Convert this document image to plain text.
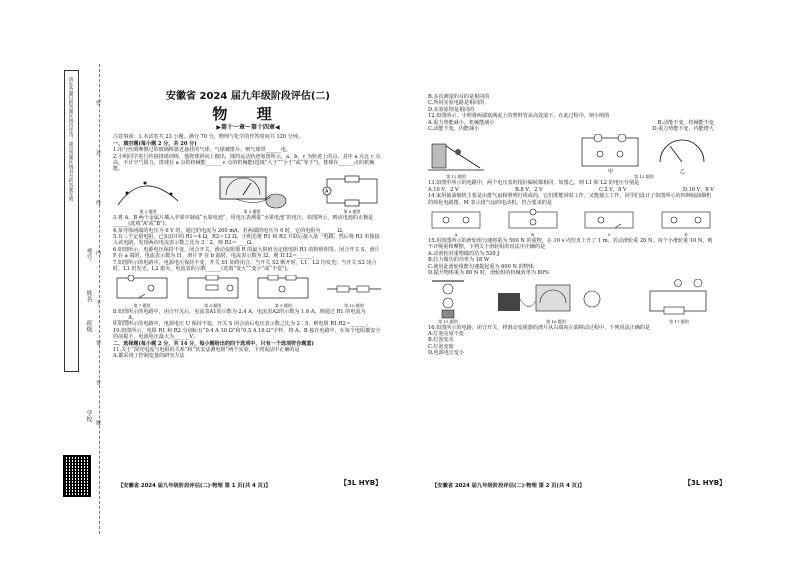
请在各题目的答题区域内作答，超出答题区域书写的答案无效
学校
班级
姓名
考号
密
封
线
内
不
要
答
题
安徽省 2024 届九年级阶段评估(二)
物 理
▶第十一章～第十四章◀

注意事项：1.本试卷共 23 小题，满分 70 分，物理与化学的作答时间共 120 分钟。

一、填空题(每小题 2 分，共 20 分)

1.用与丝绸摩擦过的玻璃棒靠近悬挂的气球，气球被排斥，则气球带______电。

2.小明同学进行传接排球训练，他将球斜向上抛出，球的运动轨迹如图所示，a、b、c 为轨迹上的点，其中 a 点比 c 点高，不计空气阻力，排球在 a 点的机械能______ c 点的机械能(选填“大于”“小于”或“等于”)，排球在______点的机械能。

第 2 题图	第 3 题图
A
第 6 题图

3.将 A、B 两个金属片插入苹果中制成“水果电池”，用电压表测量“水果电池”的电压，如图所示，则该电池的正极是______(选填“A”或“B”)。

4.某导体两端的电压为 6 V 时，通过的电流为 200 mA，若两端的电压为 0 时，它的电阻为______ Ω。

5.有三个定值电阻，已知其中的 R1＝4 Ω，R2＝12 Ω，小明先将 R1 和 R3 并联后接入某一电路，然后将 R3 单独接入该电路，发现两次电流表示数之比为 3∶2，则 R3＝____Ω。

6.如图所示，电源电压保持不变，闭合开关，滑动变阻器 R 的最大阻值为定值电阻 R1 的阻值相等。闭合开关 S，滑片 P 在 a 端时，电流表示数为 I1，滑片 P 在 b 端时，电流表示数为 I2，则 I1∶I2＝______。

7.如图所示的电路中，电源电压保持不变，开关 S1 始终闭合。当开关 S2 断开时，L1、L2 均发光；当开关 S2 闭合时，L1 仍发光，L2 熄灭，电流表的示数______(选填“变大”“变小”或“不变”)。

第 7 题图	第 8 题图	第 9 题图	第 10 题图

8.如图所示的电路中，闭合开关后，电流表A1的示数为 2.4 A，电流表A2的示数为 1.6 A，则通过 R1 的电流为______A。

9.如图所示的电路中，电源电压 U 保持不变，开关 S 闭合前后电压表示数之比为 2∶5，则电阻 R1∶R2＝______。

10.如图所示，电阻 R1 和 R2 分别标有“0.4 A 10 Ω”和“0.5 A 16 Ω”字样，将 A、B 接在电路中，在每个电阻都安全的前提下，电源电压最大为______V。

二、选择题(每小题 2 分，共 14 分，每小题给出的四个选项中，只有一个选项符合题意)

11.关于“探究电流与电阻的关系”和“伏安法测电阻”两个实验，下列说法中正确的是

A.都采用了控制变量的研究方法

【安徽省 2024 届九年级阶段评估(二)·物理 第 1 页(共 4 页)】	【3L HYB】

B.多次测量的目的是相同的

C.所用实验电路是相同的

D.实验原理是相同的

12.如图所示，小明将两端塞满泥土的塑料管从高处滚下，在此过程中，则小明的

A.重力势能减小，机械能减小	B.动能不变，机械能不变
C.动能不变，内能减小	D.重力势能不变，内能增大
第 12 题图
甲	乙
第 13 题图

13.如图甲所示的电路中，两个电压表的指针偏转都相同，如图乙，则 L1 和 L2 的电压分别是

A.10 V，2 V	B.8 V，2 V	C.2 V，8 V	D.10 V，8 V

14.家用抽油烟机主要是由排气扇和照明灯组成的，它们既能同时工作，又能独立工作。同学们设计了如图所示的四种抽油烟机的简化电路图，M 表示排气扇的电动机。符合要求的是

A	B	C	D

15.用如图所示的滑轮组匀速将重为 500 N 的重物，在 10 s 内竖直上升了 1 m。若动滑轮重 20 N，每个小滑轮重 10 N，则不计绳重和摩擦，下列关于滑轮组的说法中正确的是

A.动滑轮对重物做的功为 520 J

B.拉力做功的功率为 18 W

C.使用此滑轮组能匀速提起重为 600 N 的物体

D.提升物体重为 80 N 时，滑轮组的机械效率为 80%

第 15 题图	第 16 题图	第 17 题图

16.如图所示的电路，闭合开关，将滑动变阻器的滑片从右端向左端移动过程中，下列说法正确的是

A.灯泡亮度不变

B.灯泡变亮

C.灯泡变暗

D.电源电压变小

【安徽省 2024 届九年级阶段评估(二)·物理 第 2 页(共 4 页)】	【3L HYB】
